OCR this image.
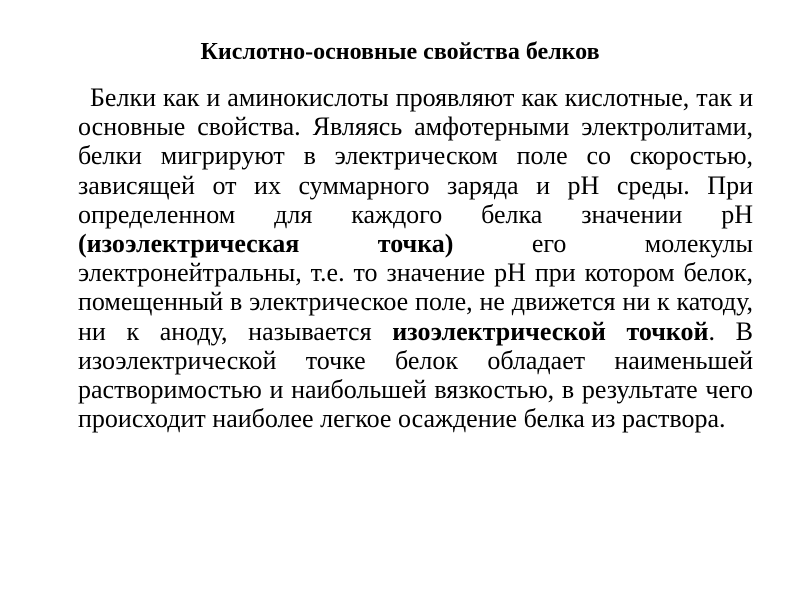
Кислотно-основные свойства белков

Белки как и аминокислоты проявляют как кислотные, так и основные свойства. Являясь амфотерными электролитами, белки мигрируют в электрическом поле со скоростью, зависящей от их суммарного заряда и pH среды. При определенном для каждого белка значении pH (изоэлектрическая точка) его молекулы электронейтральны, т.е. то значение pH при котором белок, помещенный в электрическое поле, не движется ни к катоду, ни к аноду, называется изоэлектрической точкой. В изоэлектрической точке белок обладает наименьшей растворимостью и наибольшей вязкостью, в результате чего происходит наиболее легкое осаждение белка из раствора.
